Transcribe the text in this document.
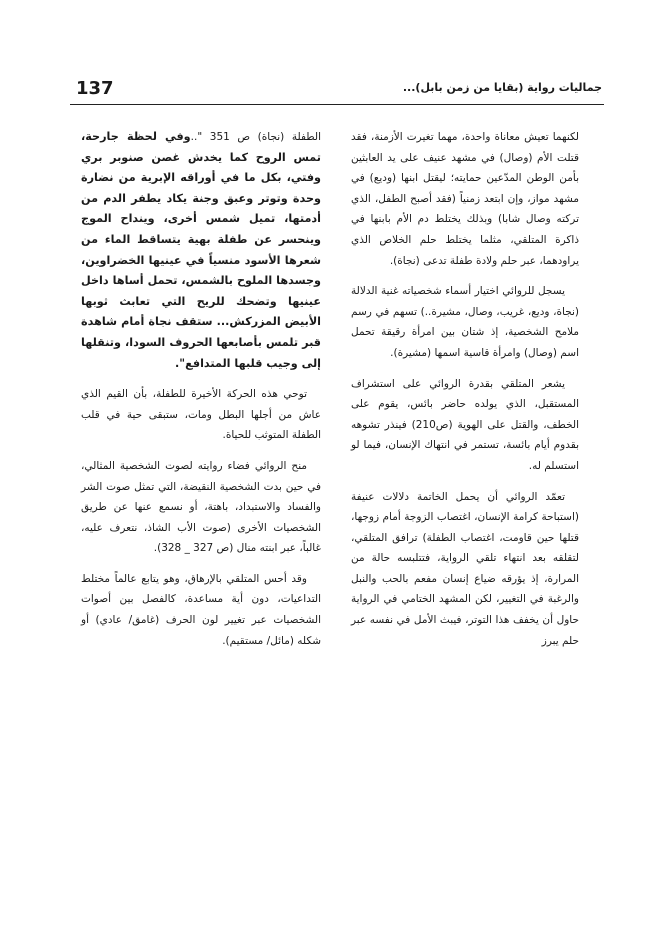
137	جماليات رواية (بقايا من زمن بابل)...

لكنهما تعيش معاناة واحدة، مهما تغيرت الأزمنة، فقد قتلت الأم (وصال) في مشهد عنيف على يد العابثين بأمن الوطن المدّعين حمايته؛ ليقتل ابنها (وديع) في مشهد مواز، وإن ابتعد زمنياً (فقد أصبح الطفل، الذي تركته وصال شابا) وبذلك يختلط دم الأم بابنها في ذاكرة المتلقي، مثلما يختلط حلم الخلاص الذي يراودهما، عبر حلم ولادة طفلة تدعى (نجاة).

يسجل للروائي اختيار أسماء شخصياته غنية الدلالة (نجاة، وديع، غريب، وصال، مشيرة..) تسهم في رسم ملامح الشخصية، إذ شتان بين امرأة رقيقة تحمل اسم (وصال) وامرأة قاسية اسمها (مشيرة).

يشعر المتلقي بقدرة الروائي على استشراف المستقبل، الذي يولده حاضر بائس، يقوم على الخطف، والقتل على الهوية (ص210) فينذر تشوهه بقدوم أيام بائسة، تستمر في انتهاك الإنسان، فيما لو استسلم له.

تعمّد الروائي أن يحمل الخاتمة دلالات عنيفة (استباحة كرامة الإنسان، اغتصاب الزوجة أمام زوجها، قتلها حين قاومت، اغتصاب الطفلة) ترافق المتلقي، لتقلقه بعد انتهاء تلقي الرواية، فتتلبسه حالة من المرارة، إذ يؤرقه ضياع إنسان مفعم بالحب والنبل والرغبة في التغيير، لكن المشهد الختامي في الرواية حاول أن يخفف هذا التوتر، فيبث الأمل في نفسه عبر حلم يبرز

الطفلة (نجاة) ص 351 "..وفي لحظة جارحة، تمس الروح كما يخدش غصن صنوبر بري وفتي، بكل ما في أوراقه الإبرية من نضارة وحدة وتوتر وعبق وجنة يكاد يطفر الدم من أدمتها، تميل شمس أخرى، وينداح الموج وينحسر عن طفلة بهية يتساقط الماء من شعرها الأسود منسياً في عينيها الخضراوين، وجسدها الملوح بالشمس، تحمل أساها داخل عينيها وتضحك للريح التي تعابث ثوبها الأبيض المزركش... ستقف نجاة أمام شاهدة قبر تلمس بأصابعها الحروف السودا، وتنقلها إلى وجيب قلبها المتدافع".

توحي هذه الحركة الأخيرة للطفلة، بأن القيم الذي عاش من أجلها البطل ومات، ستبقى حية في قلب الطفلة المتوثب للحياة.

منح الروائي فضاء روايته لصوت الشخصية المثالي، في حين بدت الشخصية النقيضة، التي تمثل صوت الشر والفساد والاستبداد، باهتة، أو نسمع عنها عن طريق الشخصيات الأخرى (صوت الأب الشاذ، نتعرف عليه، غالباً، عبر ابنته منال (ص 327 _ 328).

وقد أحس المتلقي بالإرهاق، وهو يتابع عالماً مختلط التداعيات، دون أية مساعدة، كالفصل بين أصوات الشخصيات عبر تغيير لون الحرف (غامق/ عادي) أو شكله (مائل/ مستقيم).
